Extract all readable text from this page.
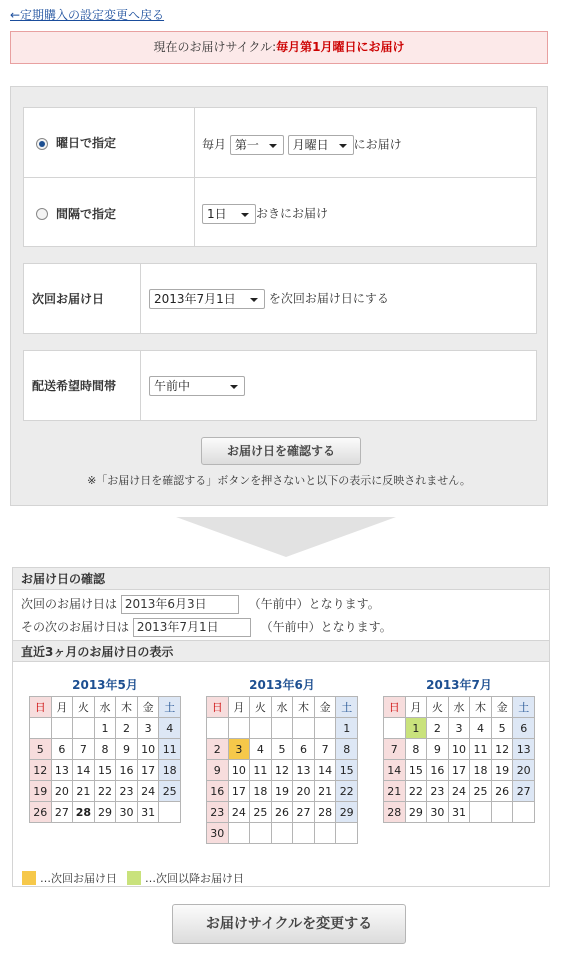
←定期購入の設定変更へ戻る
現在のお届けサイクル:毎月第1月曜日にお届け
曜日で指定	毎月 第一	月曜日 にお届け
間隔で指定	1日 おきにお届け
次回お届け日	2013年7月1日	を次回お届け日にする
配送希望時間帯	午前中
お届け日を確認する
※「お届け日を確認する」ボタンを押さないと以下の表示に反映されません。
お届け日の確認
次回のお届け日は 2013年6月3日	（午前中）となります。
その次のお届け日は 2013年7月1日	（午前中）となります。
直近3ヶ月のお届け日の表示
2013年5月
日	月	火	水	木	金	土
			1	2	3	4
5	6	7	8	9	10	11
12	13	14	15	16	17	18
19	20	21	22	23	24	25
26	27	28	29	30	31	
2013年6月
日	月	火	水	木	金	土
						1
2	3	4	5	6	7	8
9	10	11	12	13	14	15
16	17	18	19	20	21	22
23	24	25	26	27	28	29
30						
2013年7月
日	月	火	水	木	金	土
	1	2	3	4	5	6
7	8	9	10	11	12	13
14	15	16	17	18	19	20
21	22	23	24	25	26	27
28	29	30	31			
…次回お届け日	…次回以降お届け日
お届けサイクルを変更する
